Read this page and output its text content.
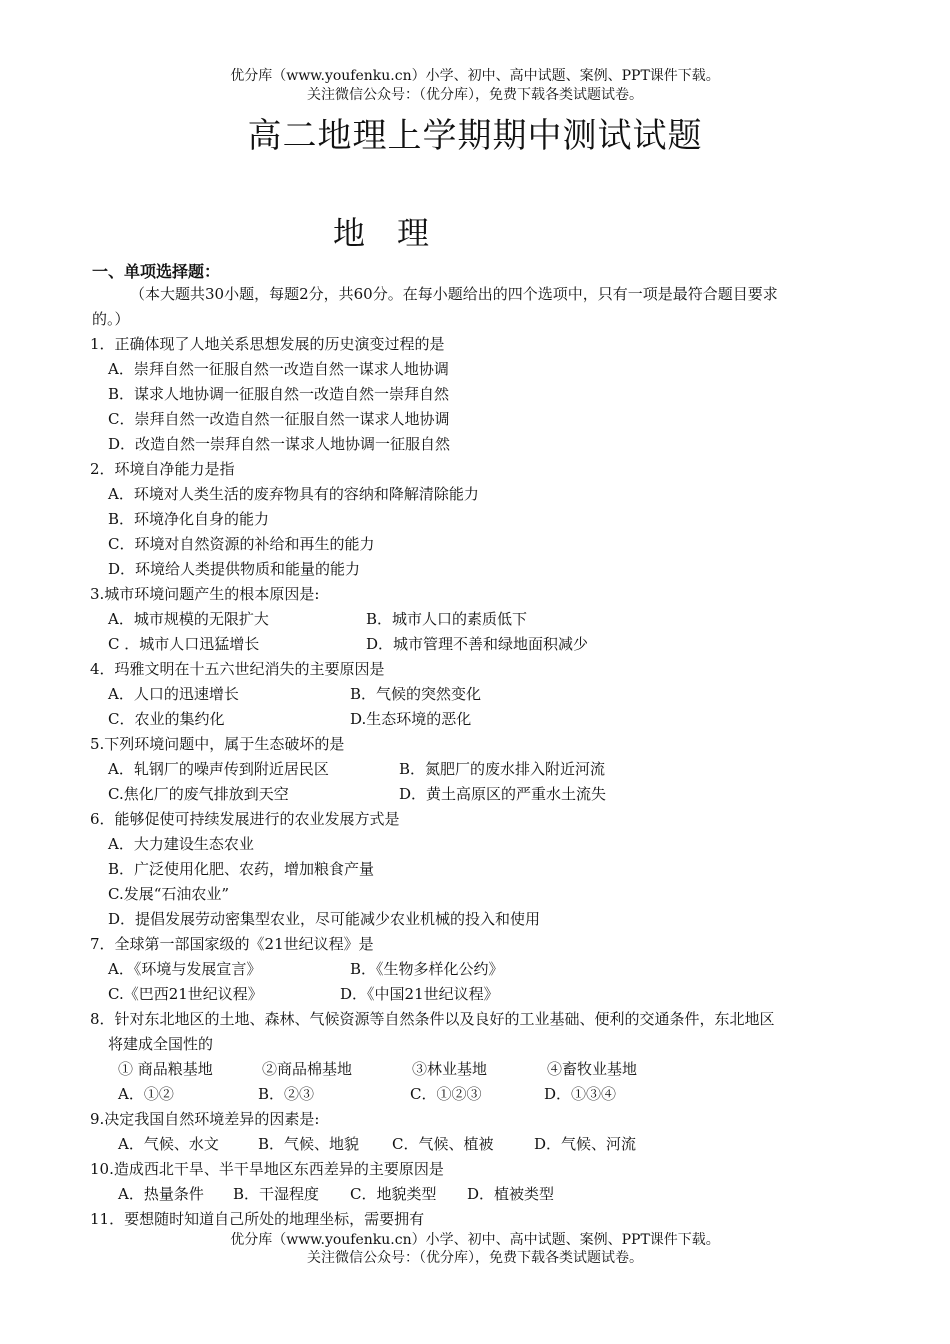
优分库（www.youfenku.cn）小学、初中、高中试题、案例、PPT课件下载。
关注微信公众号：（优分库），免费下载各类试题试卷。
高二地理上学期期中测试试题
地　理
一、单项选择题：
（本大题共30小题，每题2分，共60分。在每小题给出的四个选项中，只有一项是最符合题目要求
的。）
1．正确体现了人地关系思想发展的历史演变过程的是
A．崇拜自然一征服自然一改造自然一谋求人地协调
B．谋求人地协调一征服自然一改造自然一崇拜自然
C．崇拜自然一改造自然一征服自然一谋求人地协调
D．改造自然一崇拜自然一谋求人地协调一征服自然
2．环境自净能力是指
A．环境对人类生活的废弃物具有的容纳和降解清除能力
B．环境净化自身的能力
C．环境对自然资源的补给和再生的能力
D．环境给人类提供物质和能量的能力
3.城市环境问题产生的根本原因是:
A．城市规模的无限扩大	B．城市人口的素质低下
C ．城市人口迅猛增长	D．城市管理不善和绿地面积减少
4．玛雅文明在十五六世纪消失的主要原因是
A．人口的迅速增长	B．气候的突然变化
C．农业的集约化	D.生态环境的恶化
5.下列环境问题中，属于生态破坏的是
A．轧钢厂的噪声传到附近居民区	B．氮肥厂的废水排入附近河流
C.焦化厂的废气排放到天空	D．黄土高原区的严重水土流失
6．能够促使可持续发展进行的农业发展方式是
A．大力建设生态农业
B．广泛使用化肥、农药，增加粮食产量
C.发展“石油农业”
D．提倡发展劳动密集型农业，尽可能减少农业机械的投入和使用
7．全球第一部国家级的《21世纪议程》是
A．《环境与发展宣言》	B．《生物多样化公约》
C.《巴西21世纪议程》	D．《中国21世纪议程》
8．针对东北地区的土地、森林、气候资源等自然条件以及良好的工业基础、便利的交通条件，东北地区
将建成全国性的
① 商品粮基地	②商品棉基地	③林业基地	④畜牧业基地
A．①②	B．②③	C．①②③	D．①③④
9.决定我国自然环境差异的因素是:
A．气候、水文	B．气候、地貌 C．气候、植被	D．气候、河流
10.造成西北干旱、半干旱地区东西差异的主要原因是
A．热量条件 B．干湿程度 C．地貌类型 D．植被类型
11．要想随时知道自己所处的地理坐标，需要拥有
优分库（www.youfenku.cn）小学、初中、高中试题、案例、PPT课件下载。
关注微信公众号：（优分库），免费下载各类试题试卷。
